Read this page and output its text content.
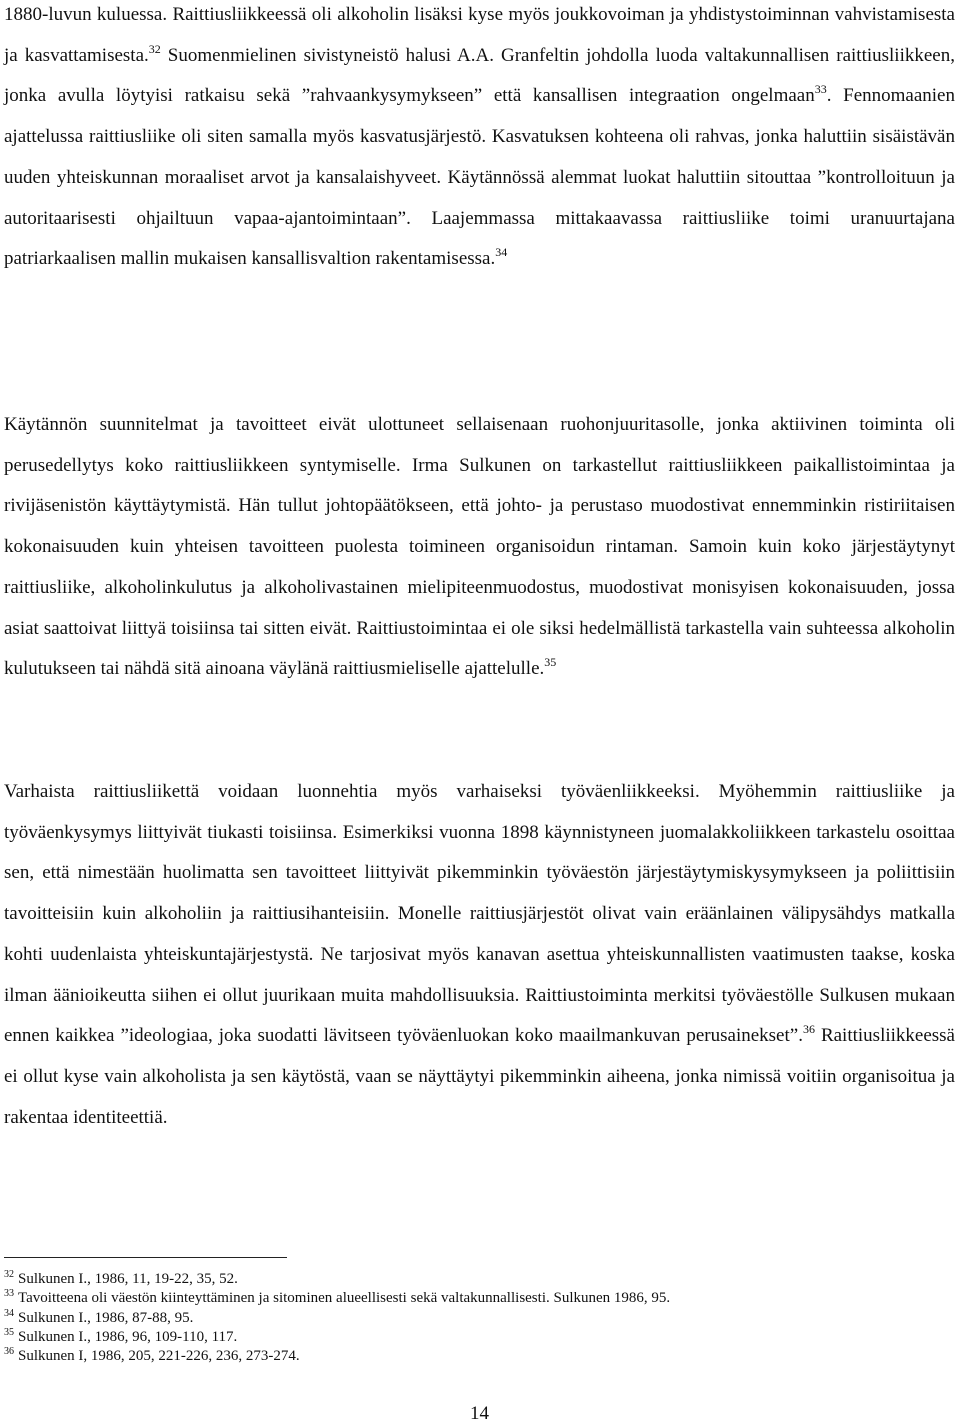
1880-luvun kuluessa. Raittiusliikkeessä oli alkoholin lisäksi kyse myös joukkovoiman ja yhdistystoiminnan vahvistamisesta ja kasvattamisesta.$^{32}$ Suomenmielinen sivistyneistö halusi A.A. Granfeltin johdolla luoda valtakunnallisen raittiusliikkeen, jonka avulla löytyisi ratkaisu sekä ”rahvaankysymykseen” että kansallisen integraation ongelmaan$^{33}$. Fennomaanien ajattelussa raittiusliike oli siten samalla myös kasvatusjärjestö. Kasvatuksen kohteena oli rahvas, jonka haluttiin sisäistävän uuden yhteiskunnan moraaliset arvot ja kansalaishyveet. Käytännössä alemmat luokat haluttiin sitouttaa ”kontrolloituun ja autoritaarisesti ohjailtuun vapaa-ajantoimintaan”. Laajemmassa mittakaavassa raittiusliike toimi uranuurtajana patriarkaalisen mallin mukaisen kansallisvaltion rakentamisessa.$^{34}$

Käytännön suunnitelmat ja tavoitteet eivät ulottuneet sellaisenaan ruohonjuuritasolle, jonka aktiivinen toiminta oli perusedellytys koko raittiusliikkeen syntymiselle. Irma Sulkunen on tarkastellut raittiusliikkeen paikallistoimintaa ja rivijäsenistön käyttäytymistä. Hän tullut johtopäätökseen, että johto- ja perustaso muodostivat ennemminkin ristiriitaisen kokonaisuuden kuin yhteisen tavoitteen puolesta toimineen organisoidun rintaman. Samoin kuin koko järjestäytynyt raittiusliike, alkoholinkulutus ja alkoholivastainen mielipiteenmuodostus, muodostivat monisyisen kokonaisuuden, jossa asiat saattoivat liittyä toisiinsa tai sitten eivät. Raittiustoimintaa ei ole siksi hedelmällistä tarkastella vain suhteessa alkoholin kulutukseen tai nähdä sitä ainoana väylänä raittiusmieliselle ajattelulle.$^{35}$

Varhaista raittiusliikettä voidaan luonnehtia myös varhaiseksi työväenliikkeeksi. Myöhemmin raittiusliike ja työväenkysymys liittyivät tiukasti toisiinsa. Esimerkiksi vuonna 1898 käynnistyneen juomalakkoliikkeen tarkastelu osoittaa sen, että nimestään huolimatta sen tavoitteet liittyivät pikemminkin työväestön järjestäytymiskysymykseen ja poliittisiin tavoitteisiin kuin alkoholiin ja raittiusihanteisiin. Monelle raittiusjärjestöt olivat vain eräänlainen välipysähdys matkalla kohti uudenlaista yhteiskuntajärjestystä. Ne tarjosivat myös kanavan asettua yhteiskunnallisten vaatimusten taakse, koska ilman äänioikeutta siihen ei ollut juurikaan muita mahdollisuuksia. Raittiustoiminta merkitsi työväestölle Sulkusen mukaan ennen kaikkea ”ideologiaa, joka suodatti lävitseen työväenluokan koko maailmankuvan perusainekset”.$^{36}$ Raittiusliikkeessä ei ollut kyse vain alkoholista ja sen käytöstä, vaan se näyttäytyi pikemminkin aiheena, jonka nimissä voitiin organisoitua ja rakentaa identiteettiä.

$^{32}$ Sulkunen I., 1986, 11, 19-22, 35, 52.

$^{33}$ Tavoitteena oli väestön kiinteyttäminen ja sitominen alueellisesti sekä valtakunnallisesti. Sulkunen 1986, 95.

$^{34}$ Sulkunen I., 1986, 87-88, 95.

$^{35}$ Sulkunen I., 1986, 96, 109-110, 117.

$^{36}$ Sulkunen I, 1986, 205, 221-226, 236, 273-274.

14
